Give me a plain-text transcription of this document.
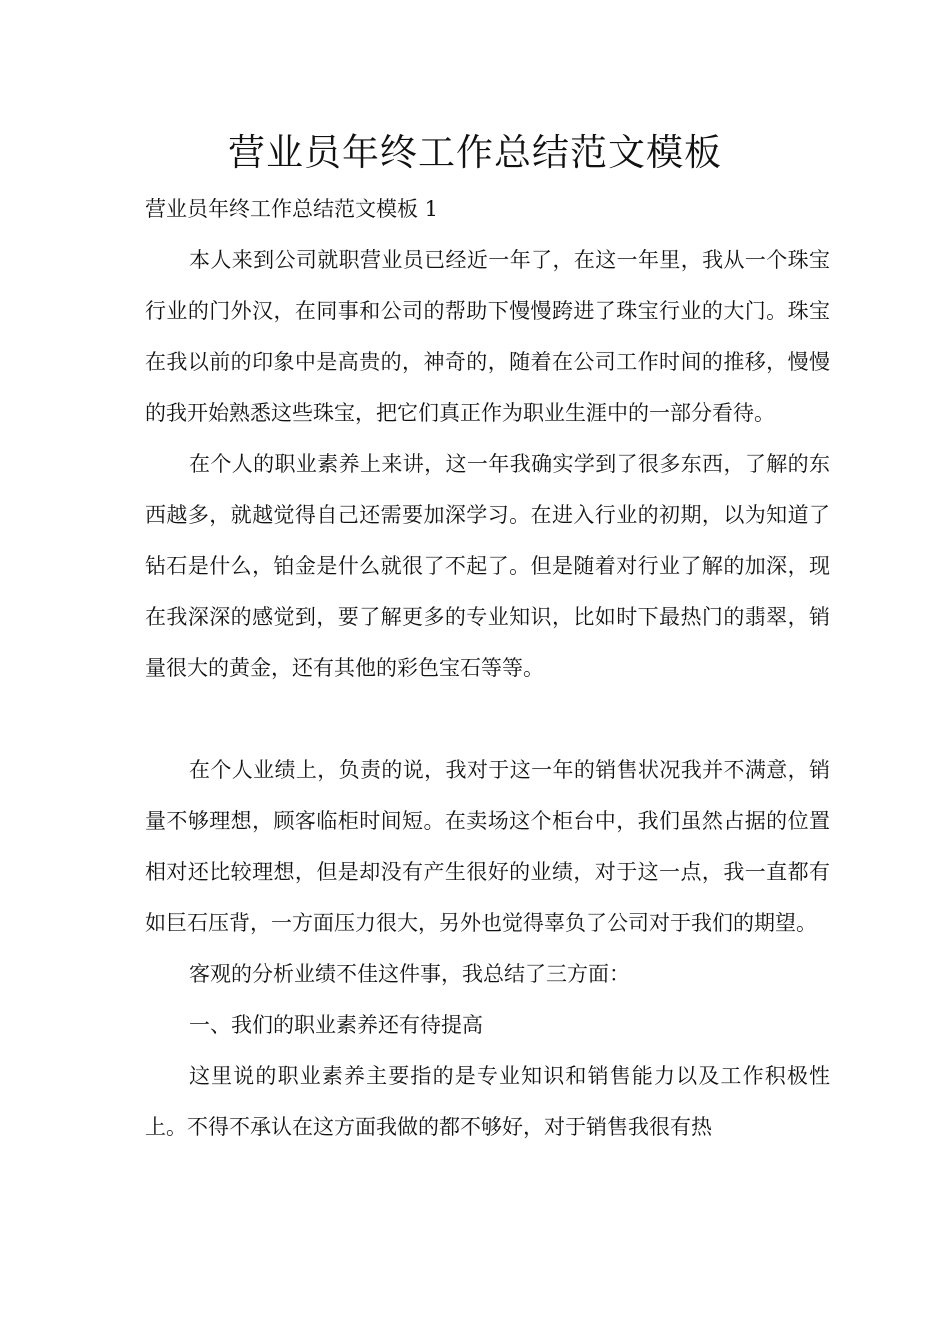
营业员年终工作总结范文模板

营业员年终工作总结范文模板 1

本人来到公司就职营业员已经近一年了，在这一年里，我从一个珠宝行业的门外汉，在同事和公司的帮助下慢慢跨进了珠宝行业的大门。珠宝在我以前的印象中是高贵的，神奇的，随着在公司工作时间的推移，慢慢的我开始熟悉这些珠宝，把它们真正作为职业生涯中的一部分看待。

在个人的职业素养上来讲，这一年我确实学到了很多东西，了解的东西越多，就越觉得自己还需要加深学习。在进入行业的初期，以为知道了钻石是什么，铂金是什么就很了不起了。但是随着对行业了解的加深，现在我深深的感觉到，要了解更多的专业知识，比如时下最热门的翡翠，销量很大的黄金，还有其他的彩色宝石等等。

在个人业绩上，负责的说，我对于这一年的销售状况我并不满意，销量不够理想，顾客临柜时间短。在卖场这个柜台中，我们虽然占据的位置相对还比较理想，但是却没有产生很好的业绩，对于这一点，我一直都有如巨石压背，一方面压力很大，另外也觉得辜负了公司对于我们的期望。

客观的分析业绩不佳这件事，我总结了三方面：

一、我们的职业素养还有待提高

这里说的职业素养主要指的是专业知识和销售能力以及工作积极性上。不得不承认在这方面我做的都不够好，对于销售我很有热
